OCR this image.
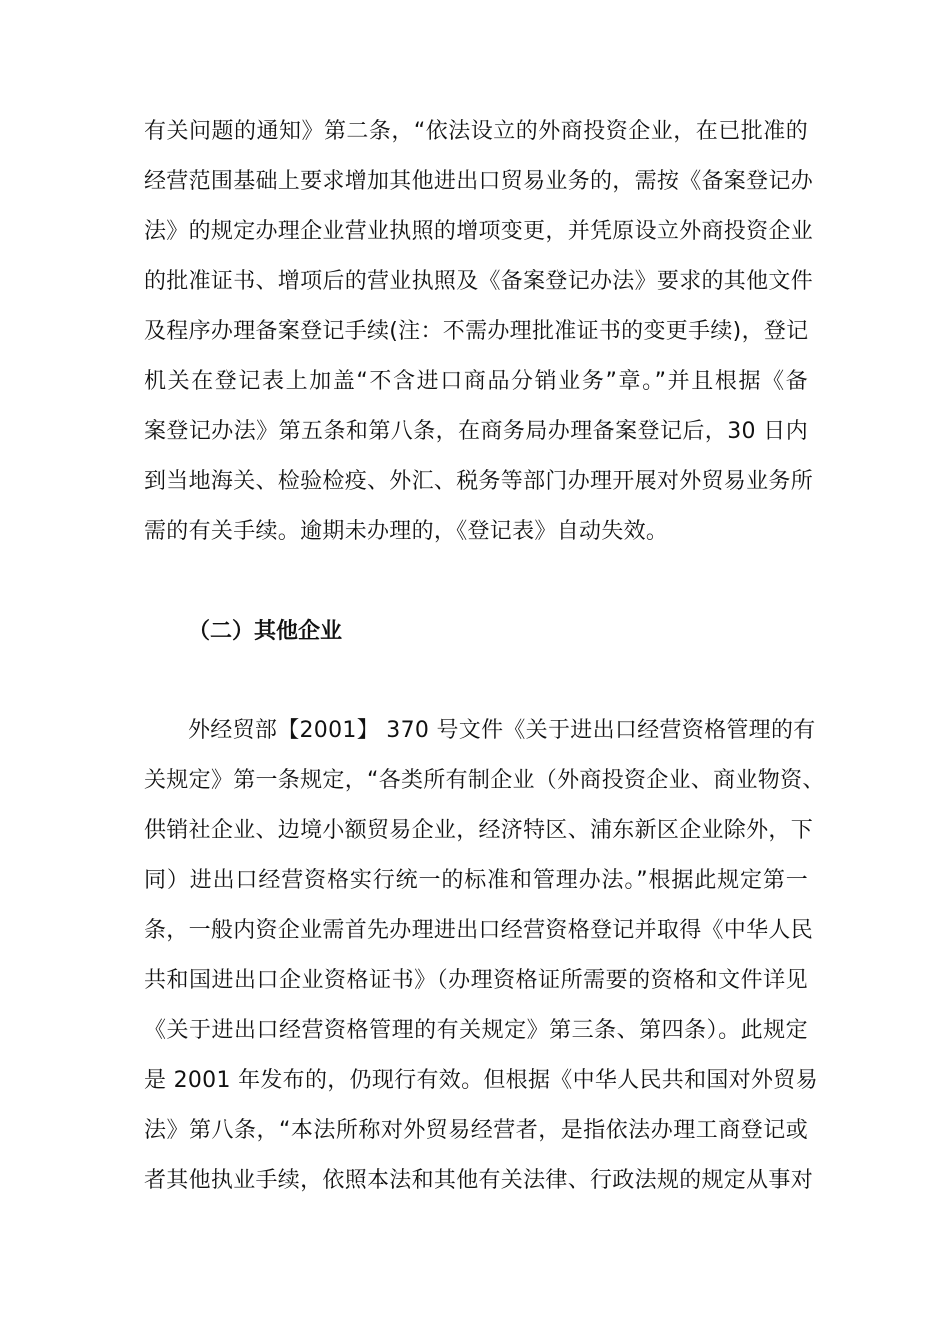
有关问题的通知》第二条，“依法设立的外商投资企业，在已批准的
经营范围基础上要求增加其他进出口贸易业务的，需按《备案登记办
法》的规定办理企业营业执照的增项变更，并凭原设立外商投资企业
的批准证书、增项后的营业执照及《备案登记办法》要求的其他文件
及程序办理备案登记手续(注：不需办理批准证书的变更手续)，登记
机关在登记表上加盖“不含进口商品分销业务”章。”并且根据《备
案登记办法》第五条和第八条，在商务局办理备案登记后，30 日内
到当地海关、检验检疫、外汇、税务等部门办理开展对外贸易业务所
需的有关手续。逾期未办理的，《登记表》自动失效。
（二）其他企业
外经贸部【2001】 370 号文件《关于进出口经营资格管理的有
关规定》第一条规定，“各类所有制企业（外商投资企业、商业物资、
供销社企业、边境小额贸易企业，经济特区、浦东新区企业除外，下
同）进出口经营资格实行统一的标准和管理办法。”根据此规定第一
条，一般内资企业需首先办理进出口经营资格登记并取得《中华人民
共和国进出口企业资格证书》（办理资格证所需要的资格和文件详见
《关于进出口经营资格管理的有关规定》第三条、第四条）。此规定
是 2001 年发布的，仍现行有效。但根据《中华人民共和国对外贸易
法》第八条，“本法所称对外贸易经营者，是指依法办理工商登记或
者其他执业手续，依照本法和其他有关法律、行政法规的规定从事对
